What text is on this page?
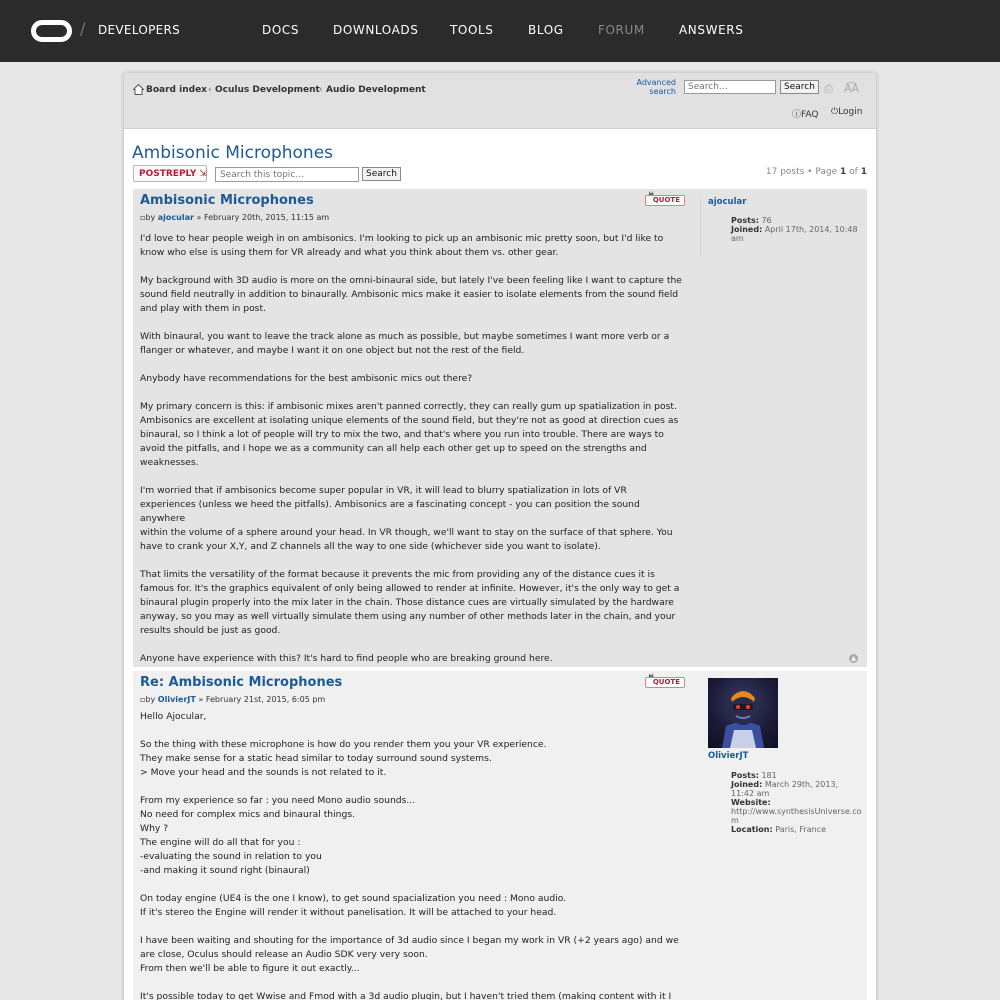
/ DEVELOPERS	DOCS	DOWNLOADS	TOOLS	BLOG	FORUM	ANSWERS
Board index ‹ Oculus Development ‹ Audio Development
Advanced search
Search…	Search ⎙ A͡A
ⓘFAQ ⏻Login
Ambisonic Microphones
POSTREPLY ⇲
Search this topic…	Search	17 posts • Page 1 of 1
Ambisonic Microphones
▫by ajocular » February 20th, 2015, 11:15 am
❝
QUOTE

I'd love to hear people weigh in on ambisonics. I'm looking to pick up an ambisonic mic pretty soon, but I'd like to
know who else is using them for VR already and what you think about them vs. other gear.

My background with 3D audio is more on the omni-binaural side, but lately I've been feeling like I want to capture the
sound field neutrally in addition to binaurally. Ambisonic mics make it easier to isolate elements from the sound field
and play with them in post.

With binaural, you want to leave the track alone as much as possible, but maybe sometimes I want more verb or a
flanger or whatever, and maybe I want it on one object but not the rest of the field.

Anybody have recommendations for the best ambisonic mics out there?

My primary concern is this: if ambisonic mixes aren't panned correctly, they can really gum up spatialization in post.
Ambisonics are excellent at isolating unique elements of the sound field, but they're not as good at direction cues as
binaural, so I think a lot of people will try to mix the two, and that's where you run into trouble. There are ways to
avoid the pitfalls, and I hope we as a community can all help each other get up to speed on the strengths and
weaknesses.

I'm worried that if ambisonics become super popular in VR, it will lead to blurry spatialization in lots of VR
experiences (unless we heed the pitfalls). Ambisonics are a fascinating concept - you can position the sound anywhere
within the volume of a sphere around your head. In VR though, we'll want to stay on the surface of that sphere. You
have to crank your X,Y, and Z channels all the way to one side (whichever side you want to isolate).

That limits the versatility of the format because it prevents the mic from providing any of the distance cues it is
famous for. It's the graphics equivalent of only being allowed to render at infinite. However, it's the only way to get a
binaural plugin properly into the mix later in the chain. Those distance cues are virtually simulated by the hardware
anyway, so you may as well virtually simulate them using any number of other methods later in the chain, and your
results should be just as good.

Anyone have experience with this? It's hard to find people who are breaking ground here.

ajocular
Posts: 76
Joined: April 17th, 2014, 10:48 am
▲
Re: Ambisonic Microphones
▫by OlivierJT » February 21st, 2015, 6:05 pm
❝
QUOTE

Hello Ajocular,

So the thing with these microphone is how do you render them you your VR experience.
They make sense for a static head similar to today surround sound systems.
> Move your head and the sounds is not related to it.

From my experience so far : you need Mono audio sounds...
No need for complex mics and binaural things.
Why ?
The engine will do all that for you :
-evaluating the sound in relation to you
-and making it sound right (binaural)

On today engine (UE4 is the one I know), to get sound spacialization you need : Mono audio.
If it's stereo the Engine will render it without panelisation. It will be attached to your head.

I have been waiting and shouting for the importance of 3d audio since I began my work in VR (+2 years ago) and we
are close, Oculus should release an Audio SDK very very soon.
From then we'll be able to figure it out exactly...

It's possible today to get Wwise and Fmod with a 3d audio plugin, but I haven't tried them (making content with it I

OlivierJT
Posts: 181
Joined: March 29th, 2013, 11:42 am
Website:
http://www.synthesisUniverse.com
Location: Paris, France
